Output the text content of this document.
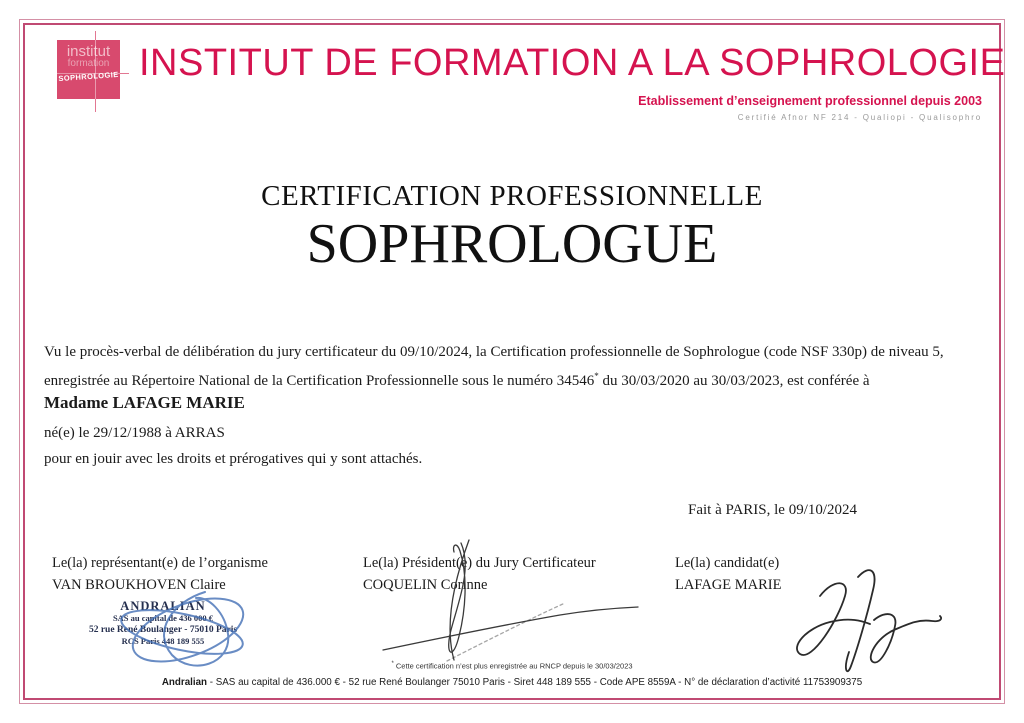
institut
formation
SOPHROLOGIE INSTITUT DE FORMATION A LA SOPHROLOGIE
Etablissement d’enseignement professionnel depuis 2003
Certifié Afnor NF 214 - Qualiopi - Qualisophro
CERTIFICATION PROFESSIONNELLE
SOPHROLOGUE
Vu le procès-verbal de délibération du jury certificateur du 09/10/2024, la Certification professionnelle de Sophrologue (code NSF 330p) de niveau 5,
enregistrée au Répertoire National de la Certification Professionnelle sous le numéro 34546* du 30/03/2020 au 30/03/2023, est conférée à
Madame LAFAGE MARIE
né(e) le 29/12/1988 à ARRAS
pour en jouir avec les droits et prérogatives qui y sont attachés.
Fait à PARIS, le 09/10/2024
Le(la) représentant(e) de l’organisme
VAN BROUKHOVEN Claire
Le(la) Président(e) du Jury Certificateur
COQUELIN Corinne
Le(la) candidat(e)
LAFAGE MARIE
ANDRALIAN
SAS au capital de 436 000 €
52 rue René Boulanger - 75010 Paris
RCS Paris 448 189 555
* Cette certification n’est plus enregistrée au RNCP depuis le 30/03/2023
Andralian - SAS au capital de 436.000 € - 52 rue René Boulanger 75010 Paris - Siret 448 189 555 - Code APE 8559A - N° de déclaration d’activité 11753909375
